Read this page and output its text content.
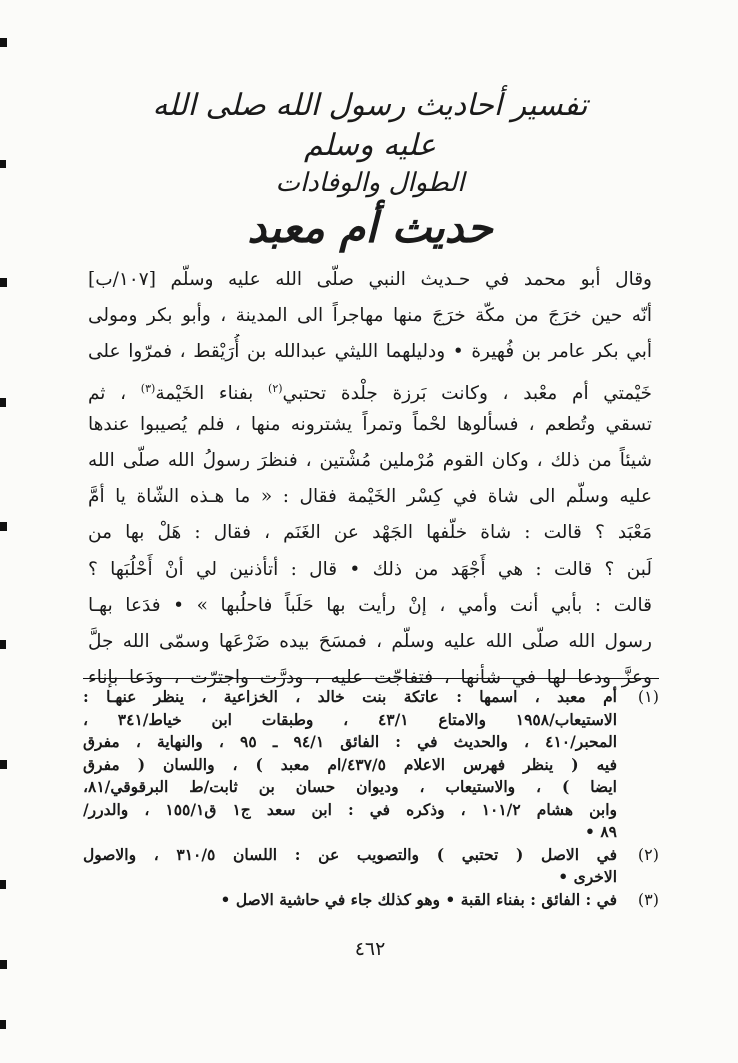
تفسير أحاديث رسول الله صلى الله عليه وسلم
الطوال والوفادات
حديث أم معبد
وقال أبو محمد في حـديث النبي صلّى الله عليه وسلّم [١٠٧/ب]
أنّه حين خرَجَ من مكّة خرَجَ منها مهاجراً الى المدينة ، وأبو بكر ومولى
أبي بكر عامر بن فُهيرة • ودليلهما الليثي عبدالله بن أُرَيْقط ، فمرّوا على
خَيْمتي أم معْبد ، وكانت بَرزة جلْدة تحتبي$^{(٢)}$ بفناء الخَيْمة$^{(٣)}$ ، ثم
تسقي وتُطعم ، فسألوها لحْماً وتمراً يشترونه منها ، فلم يُصيبوا عندها
شيئاً من ذلك ، وكان القوم مُرْملين مُشْتين ، فنظرَ رسولُ الله صلّى الله
عليه وسلّم الى شاة في كِسْر الخَيْمة فقال : « ما هـذه الشّاة يا أمَّ
مَعْبَد ؟ قالت : شاة خلّفها الجَهْد عن الغَنَم ، فقال : هَلْ بها من
لَبن ؟ قالت : هي أَجْهَد من ذلك • قال : أتأذنين لي أنْ أَحْلُبَها ؟
قالت : بأبي أنت وأمي ، إنْ رأيت بها حَلَباً فاحلُبها » • فدَعا بهـا
رسول الله صلّى الله عليه وسلّم ، فمسَحَ بيده ضَرْعَها وسمّى الله جلَّ
وعزَّ ودعا لها في شأنها ، فتفاجّت عليه ، ودرَّت واجترّت ، ودَعا بإناء
(١)
أم معبد ، اسمها : عاتكة بنت خالد ، الخزاعية ، ينظر عنهـا :
الاستيعاب/١٩٥٨ والامتاع ٤٣/١ ، وطبقات ابن خياط/٣٤١ ،
المحبر/٤١٠ ، والحديث في : الفائق ٩٤/١ ـ ٩٥ ، والنهاية ، مفرق
فيه ( ينظر فهرس الاعلام ٤٣٧/٥/ام معبد ) ، واللسان ( مفرق
ايضا ) ، والاستيعاب ، وديوان حسان بن ثابت/ط البرقوقي/٨١،
وابن هشام ١٠١/٢ ، وذكره في : ابن سعد ج١ ق١٥٥/١ ، والدرر/
٨٩ •
(٢)
في الاصل ( تحتبي ) والتصويب عن : اللسان ٣١٠/٥ ، والاصول
الاخرى •
(٣)
في : الفائق : بفناء القبة • وهو كذلك جاء في حاشية الاصل •
٤٦٢
